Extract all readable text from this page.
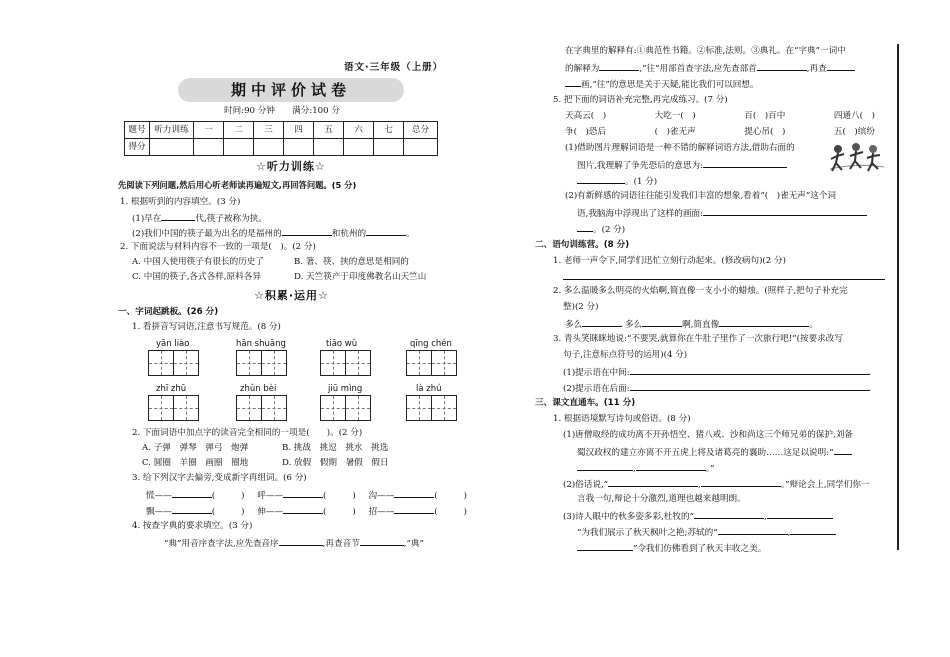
语文·三年级（上册）
期中评价试卷
时间:90 分钟　　满分:100 分
题号	听力训练	一	二	三	四	五	六	七	总分
得分									
☆听力训练☆
先阅读下列问题,然后用心听老师读再遍短文,再回答问题。(5 分)
1. 根据听到的内容填空。(3 分)
(1)早在	代,筷子被称为挟。
(2)我们中国的筷子最为出名的是福州的	和杭州的	。
2. 下面说法与材料内容不一致的一项是(　)。(2 分)
A. 中国人使用筷子有很长的历史了	B. 箸、筷、挟的意思是相同的
C. 中国的筷子,各式各样,原料各异	D. 天竺筷产于印度佛教名山天竺山
☆积累·运用☆
一、字词起跳板。(26 分)
1. 看拼音写词语,注意书写规范。(8 分)
yān liào	hān shuāng	tiāo wǔ	qīng chén
zhī zhū	zhǔn bèi	jiū mìng	là zhú
2. 下面词语中加点字的读音完全相同的一项是(　　)。(2 分)
A. 子弹　弹琴　弹弓　炮弹	B. 挑战　挑逗　挑水　挑选
C. 圆圈　羊圈　画圈　圈地	D. 放假　假期　暑假　假日
3. 给下列汉字去偏旁,变成新字再组词。(6 分)
慌——	(	) 呼——	(	) 沟——	(	)
飘——	(	) 伸——	(	) 招——	(	)
4. 按查字典的要求填空。(3 分)
“典”用音序查字法,应先查音序	,再查音节	,“典”
在字典里的解释有:①典范性书籍。②标准,法则。③典礼。在“字典”一词中
的解释为	,“往”用部首查字法,应先查部首	,再查
画,“往”的意思是关于天疑,能比我们可以回想。
5. 把下面的词语补充完整,再完成练习。(7 分)
天高云(　)	大吃一(　)	百(　)百中	四通八(　)
争(　)恐后	(　)雀无声	提心吊(　)	五(　)缤纷
(1)借助图片理解词语是一种不错的解释词语方法,借助右面的
图片,我理解了争先恐后的意思为:
。(1 分)
(2)有新鲜感的词语往往能引发我们丰富的想象,看着“(　)雀无声”这个词
语,我脑海中浮现出了这样的画面:
。(2 分)
二、语句训练营。(8 分)
1. 老师一声令下,同学们迅忙立刻行动起来。(修改病句)(2 分)
2. 多么温暖多么明亮的火焰啊,简直像一支小小的蜡烛。(照样子,把句子补充完
整)(2 分)
多么	多么	啊,简直像	。
3. 青头笑眯眯地说:“不要哭,就算你在牛肚子里作了一次旅行吧!”(按要求改写
句子,注意标点符号的运用)(4 分)
(1)提示语在中间:
(2)提示语在后面:
三、课文直通车。(11 分)
1. 根据语境默写诗句或俗语。(8 分)
(1)唐僧取经的成功离不开孙悟空、猪八戒、沙和尚这三个师兄弟的保护,刘备
蜀汉政权的建立亦离不开五虎上将及诸葛亮的襄助……这足以说明:“
,	。”
(2)俗话说,“	,	。”辩论会上,同学们你一
言我一句,辩论十分激烈,道理也越来越明朗。
(3)诗人眼中的秋多姿多彩,杜牧的“	,
”为我们展示了秋天枫叶之艳;苏轼的“	,
”令我们仿佛看到了秋天丰收之美。
